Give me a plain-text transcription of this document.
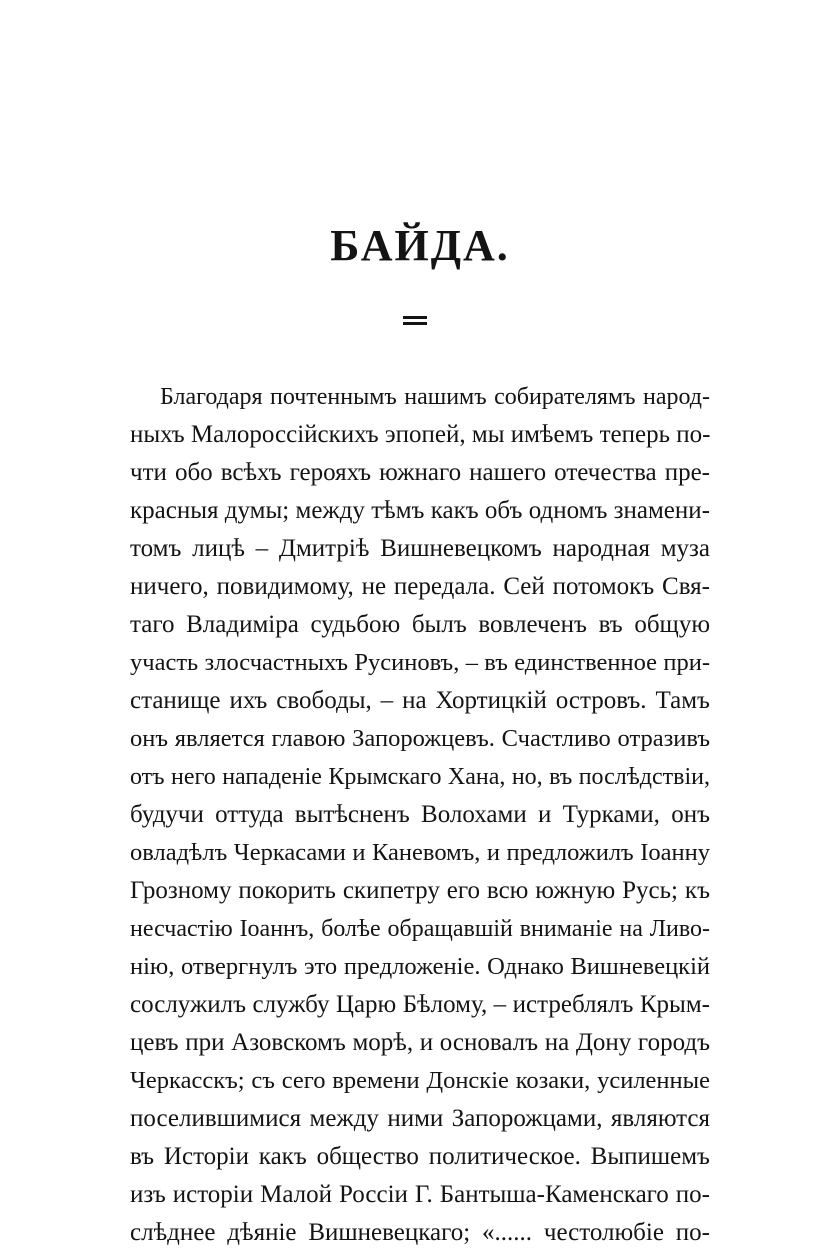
БАЙДА.
Благодаря почтеннымъ нашимъ собирателямъ народ-
ныхъ Малороссійскихъ эпопей, мы имѣемъ теперь по-
чти обо всѣхъ герояхъ южнаго нашего отечества пре-
красныя думы; между тѣмъ какъ объ одномъ знамени-
томъ лицѣ – Дмитріѣ Вишневецкомъ народная муза
ничего, повидимому, не передала. Сей потомокъ Свя-
таго Владиміра судьбою былъ вовлеченъ въ общую
участь злосчастныхъ Русиновъ, – въ единственное при-
станище ихъ свободы, – на Хортицкій островъ. Тамъ
онъ является главою Запорожцевъ. Счастливо отразивъ
отъ него нападеніе Крымскаго Хана, но, въ послѣдствіи,
будучи оттуда вытѣсненъ Волохами и Турками, онъ
овладѣлъ Черкасами и Каневомъ, и предложилъ Іоанну
Грозному покорить скипетру его всю южную Русь; къ
несчастію Іоаннъ, болѣе обращавшій вниманіе на Ливо-
нію, отвергнулъ это предложеніе. Однако Вишневецкій
сослужилъ службу Царю Бѣлому, – истреблялъ Крым-
цевъ при Азовскомъ морѣ, и основалъ на Дону городъ
Черкасскъ; съ сего времени Донскіе козаки, усиленные
поселившимися между ними Запорожцами, являются
въ Исторіи какъ общество политическое. Выпишемъ
изъ исторіи Малой Россіи Г. Бантыша-Каменскаго по-
слѣднее дѣяніе Вишневецкаго; «...... честолюбіе по-
